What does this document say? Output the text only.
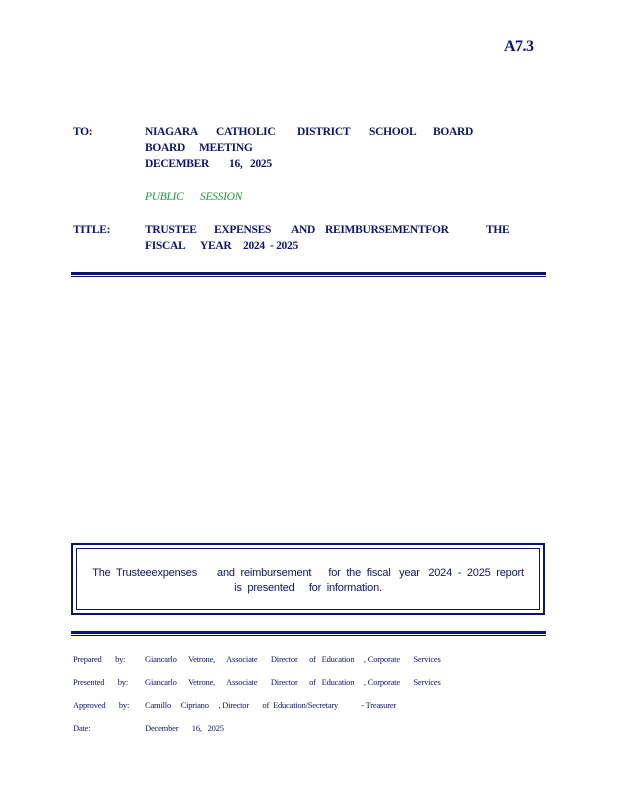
A7.3
TO:	NIAGARA	CATHOLIC	DISTRICT	SCHOOL	BOARD
BOARD	MEETING
DECEMBER	16, 2025
PUBLIC	SESSION
TITLE:	TRUSTEE	EXPENSES	AND REIMBURSEMENTFOR	THE
FISCAL	YEAR	2024 - 2025
The  Trusteeexpenses       and  reimbursement      for  the  fiscal   year   2024  -  2025  report
is  presented     for  information.
Prepared       by: Giancarlo      Vetrone,      Associate       Director      of   Education     , Corporate       Services
Presented       by: Giancarlo      Vetrone,      Associate       Director      of   Education     , Corporate       Services
Approved       by: Camillo     Cipriano     , Director       of  Education/Secretary            - Treasurer
Date:	December       16,   2025
